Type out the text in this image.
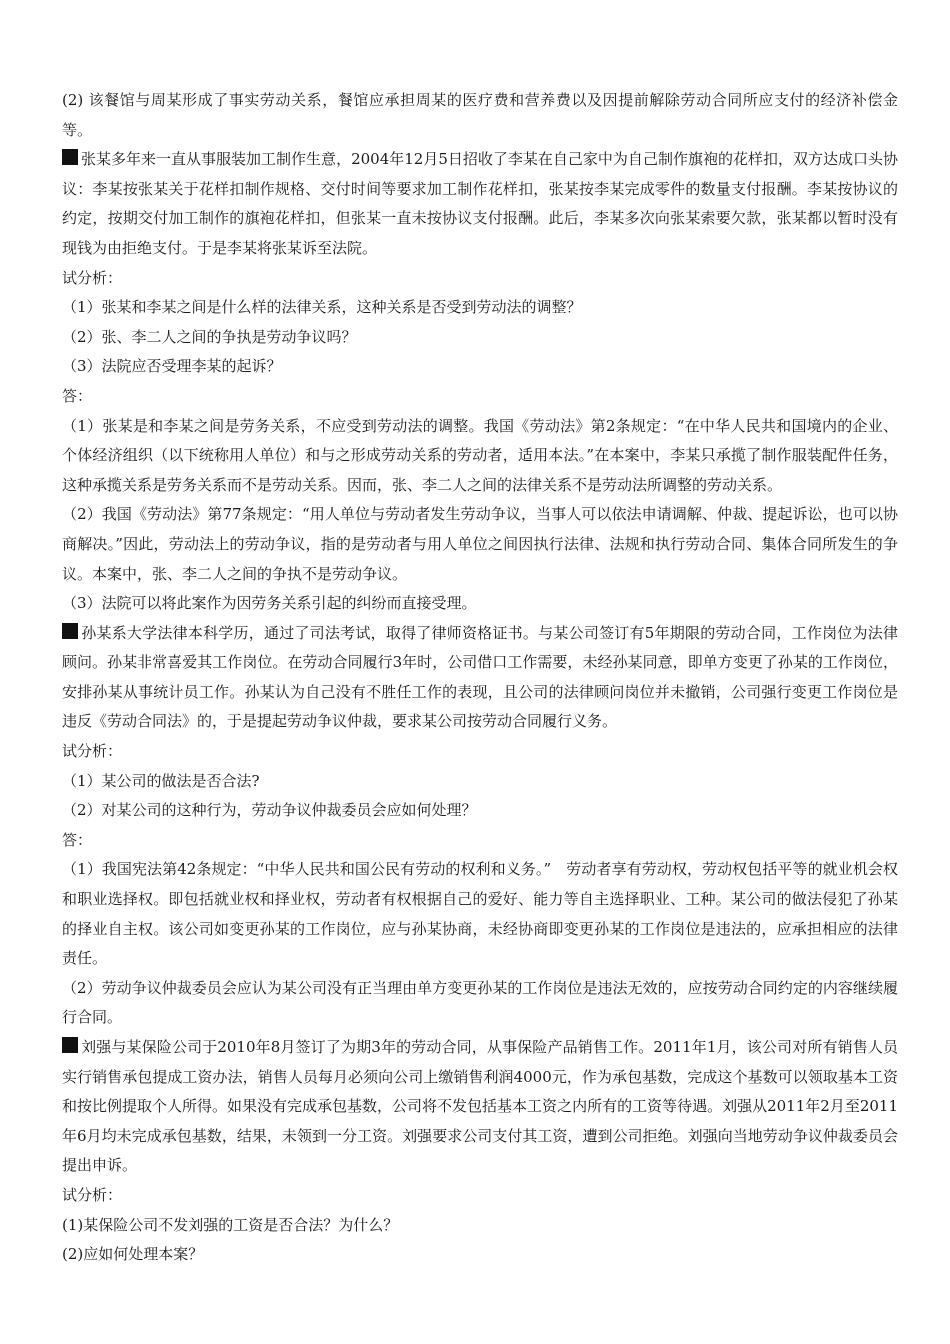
(2) 该餐馆与周某形成了事实劳动关系，餐馆应承担周某的医疗费和营养费以及因提前解除劳动合同所应支付的经济补偿金等。

张某多年来一直从事服装加工制作生意，2004年12月5日招收了李某在自己家中为自己制作旗袍的花样扣，双方达成口头协议：李某按张某关于花样扣制作规格、交付时间等要求加工制作花样扣，张某按李某完成零件的数量支付报酬。李某按协议的约定，按期交付加工制作的旗袍花样扣，但张某一直未按协议支付报酬。此后，李某多次向张某索要欠款，张某都以暂时没有现钱为由拒绝支付。于是李某将张某诉至法院。

试分析：

（1）张某和李某之间是什么样的法律关系，这种关系是否受到劳动法的调整？

（2）张、李二人之间的争执是劳动争议吗？

（3）法院应否受理李某的起诉？

答：

（1）张某是和李某之间是劳务关系，不应受到劳动法的调整。我国《劳动法》第2条规定：“在中华人民共和国境内的企业、个体经济组织（以下统称用人单位）和与之形成劳动关系的劳动者，适用本法。”在本案中，李某只承揽了制作服装配件任务，这种承揽关系是劳务关系而不是劳动关系。因而，张、李二人之间的法律关系不是劳动法所调整的劳动关系。

（2）我国《劳动法》第77条规定：“用人单位与劳动者发生劳动争议，当事人可以依法申请调解、仲裁、提起诉讼，也可以协商解决。”因此，劳动法上的劳动争议，指的是劳动者与用人单位之间因执行法律、法规和执行劳动合同、集体合同所发生的争议。本案中，张、李二人之间的争执不是劳动争议。

（3）法院可以将此案作为因劳务关系引起的纠纷而直接受理。

孙某系大学法律本科学历，通过了司法考试，取得了律师资格证书。与某公司签订有5年期限的劳动合同，工作岗位为法律顾问。孙某非常喜爱其工作岗位。在劳动合同履行3年时，公司借口工作需要，未经孙某同意，即单方变更了孙某的工作岗位，安排孙某从事统计员工作。孙某认为自己没有不胜任工作的表现，且公司的法律顾问岗位并未撤销，公司强行变更工作岗位是违反《劳动合同法》的，于是提起劳动争议仲裁，要求某公司按劳动合同履行义务。

试分析：

（1）某公司的做法是否合法?

（2）对某公司的这种行为，劳动争议仲裁委员会应如何处理？

答：

（1）我国宪法第42条规定：“中华人民共和国公民有劳动的权利和义务。”　劳动者享有劳动权，劳动权包括平等的就业机会权和职业选择权。即包括就业权和择业权，劳动者有权根据自己的爱好、能力等自主选择职业、工种。某公司的做法侵犯了孙某的择业自主权。该公司如变更孙某的工作岗位，应与孙某协商，未经协商即变更孙某的工作岗位是违法的，应承担相应的法律责任。

（2）劳动争议仲裁委员会应认为某公司没有正当理由单方变更孙某的工作岗位是违法无效的，应按劳动合同约定的内容继续履行合同。

刘强与某保险公司于2010年8月签订了为期3年的劳动合同，从事保险产品销售工作。2011年1月，该公司对所有销售人员实行销售承包提成工资办法，销售人员每月必须向公司上缴销售利润4000元，作为承包基数，完成这个基数可以领取基本工资和按比例提取个人所得。如果没有完成承包基数，公司将不发包括基本工资之内所有的工资等待遇。刘强从2011年2月至2011年6月均未完成承包基数，结果，未领到一分工资。刘强要求公司支付其工资，遭到公司拒绝。刘强向当地劳动争议仲裁委员会提出申诉。

试分析：

(1)某保险公司不发刘强的工资是否合法？为什么？

(2)应如何处理本案？
